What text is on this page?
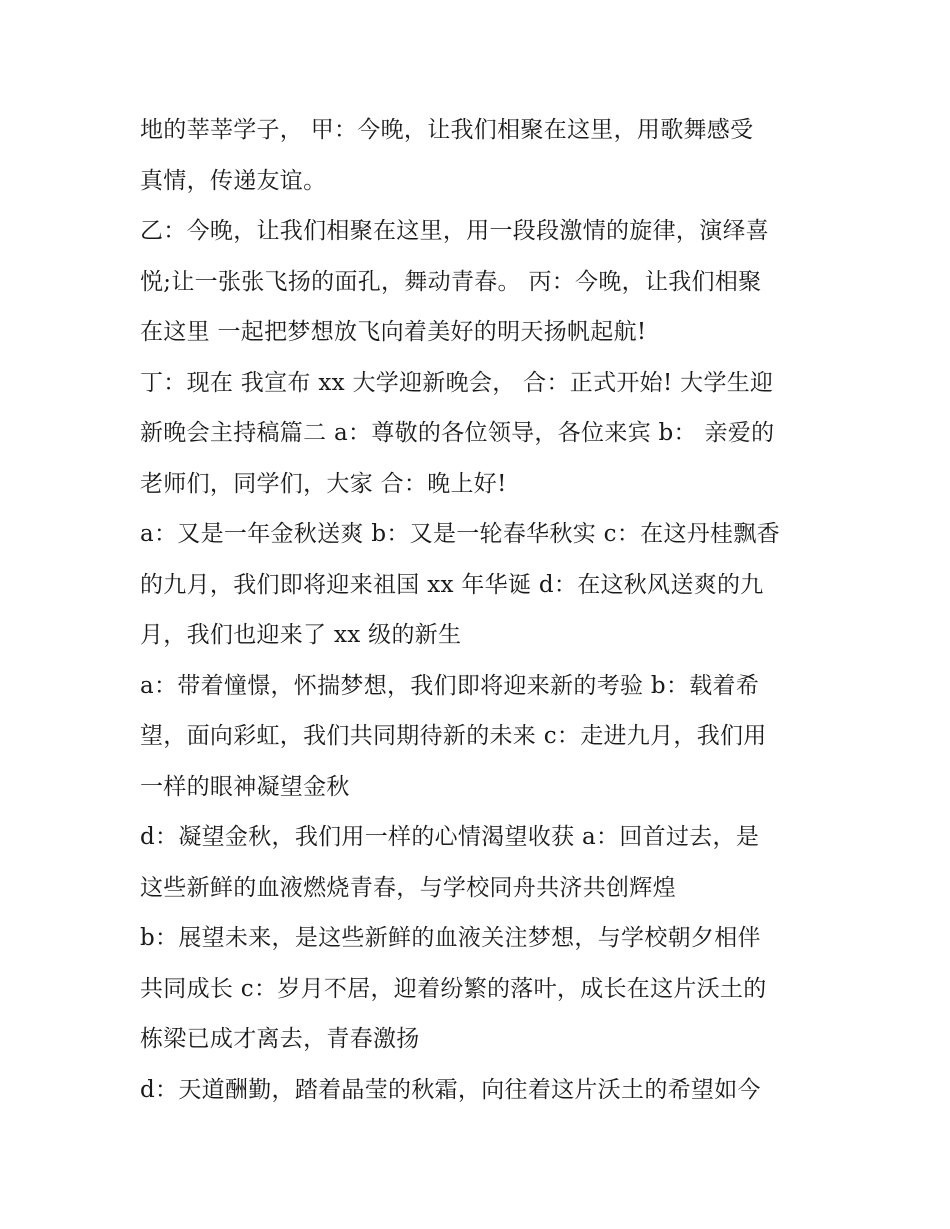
地的莘莘学子， 甲：今晚，让我们相聚在这里，用歌舞感受
真情，传递友谊。

乙：今晚，让我们相聚在这里，用一段段激情的旋律，演绎喜
悦;让一张张飞扬的面孔，舞动青春。 丙：今晚，让我们相聚
在这里 一起把梦想放飞向着美好的明天扬帆起航!

丁：现在 我宣布 xx 大学迎新晚会， 合：正式开始! 大学生迎
新晚会主持稿篇二 a：尊敬的各位领导，各位来宾 b： 亲爱的
老师们，同学们，大家 合：晚上好!

a：又是一年金秋送爽 b：又是一轮春华秋实 c：在这丹桂飘香
的九月，我们即将迎来祖国 xx 年华诞 d：在这秋风送爽的九
月，我们也迎来了 xx 级的新生

a：带着憧憬，怀揣梦想，我们即将迎来新的考验 b：载着希
望，面向彩虹，我们共同期待新的未来 c：走进九月，我们用
一样的眼神凝望金秋

d：凝望金秋，我们用一样的心情渴望收获 a：回首过去，是
这些新鲜的血液燃烧青春，与学校同舟共济共创辉煌

b：展望未来，是这些新鲜的血液关注梦想，与学校朝夕相伴
共同成长 c：岁月不居，迎着纷繁的落叶，成长在这片沃土的
栋梁已成才离去，青春激扬

d：天道酬勤，踏着晶莹的秋霜，向往着这片沃土的希望如今
